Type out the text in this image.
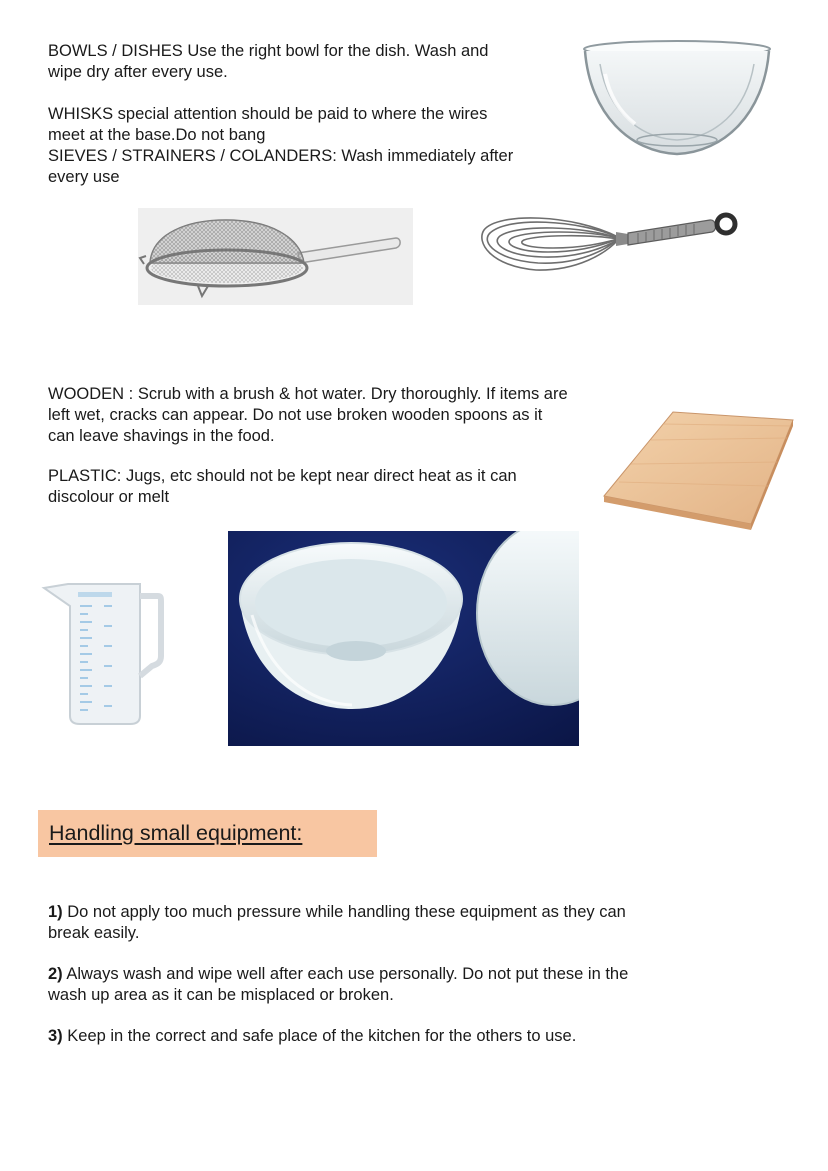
BOWLS / DISHES Use the right bowl for the dish. Wash and
wipe dry after every use.

WHISKS special attention should be paid to where the wires
meet at the base.Do not bang
SIEVES / STRAINERS / COLANDERS: Wash immediately after
every use

WOODEN : Scrub with a brush & hot water. Dry thoroughly. If items are
left wet, cracks can appear. Do not use broken wooden spoons as it
can leave shavings in the food.

PLASTIC: Jugs, etc should not be kept near direct heat as it can
discolour or melt

Handling small equipment:

1) Do not apply too much pressure while handling these equipment as they can
break easily.

2) Always wash and wipe well after each use personally. Do not put these in the
wash up area as it can be misplaced or broken.

3) Keep in the correct and safe place of the kitchen for the others to use.
